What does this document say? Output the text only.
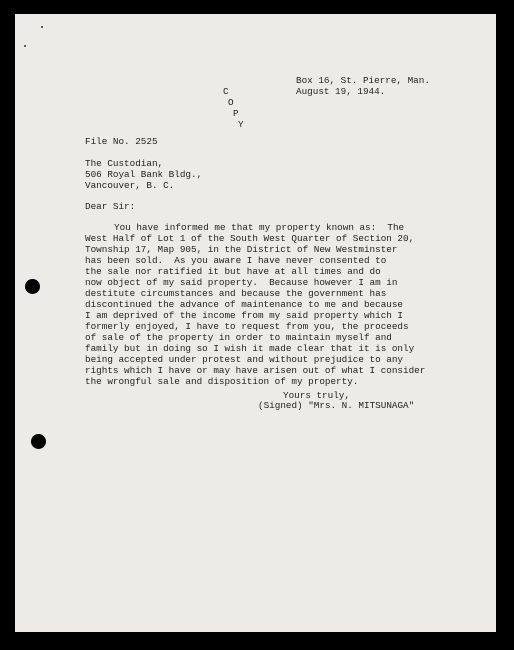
Box 16, St. Pierre, Man.
August 19, 1944.
C
O
P
Y
File No. 2525
The Custodian,
506 Royal Bank Bldg.,
Vancouver, B. C.
Dear Sir:
You have informed me that my property known as:  The
West Half of Lot 1 of the South West Quarter of Section 20,
Township 17, Map 905, in the District of New Westminster
has been sold.  As you aware I have never consented to
the sale nor ratified it but have at all times and do
now object of my said property.  Because however I am in
destitute circumstances and because the government has
discontinued the advance of maintenance to me and because
I am deprived of the income from my said property which I
formerly enjoyed, I have to request from you, the proceeds
of sale of the property in order to maintain myself and
family but in doing so I wish it made clear that it is only
being accepted under protest and without prejudice to any
rights which I have or may have arisen out of what I consider
the wrongful sale and disposition of my property.
Yours truly,
(Signed) "Mrs. N. MITSUNAGA"
